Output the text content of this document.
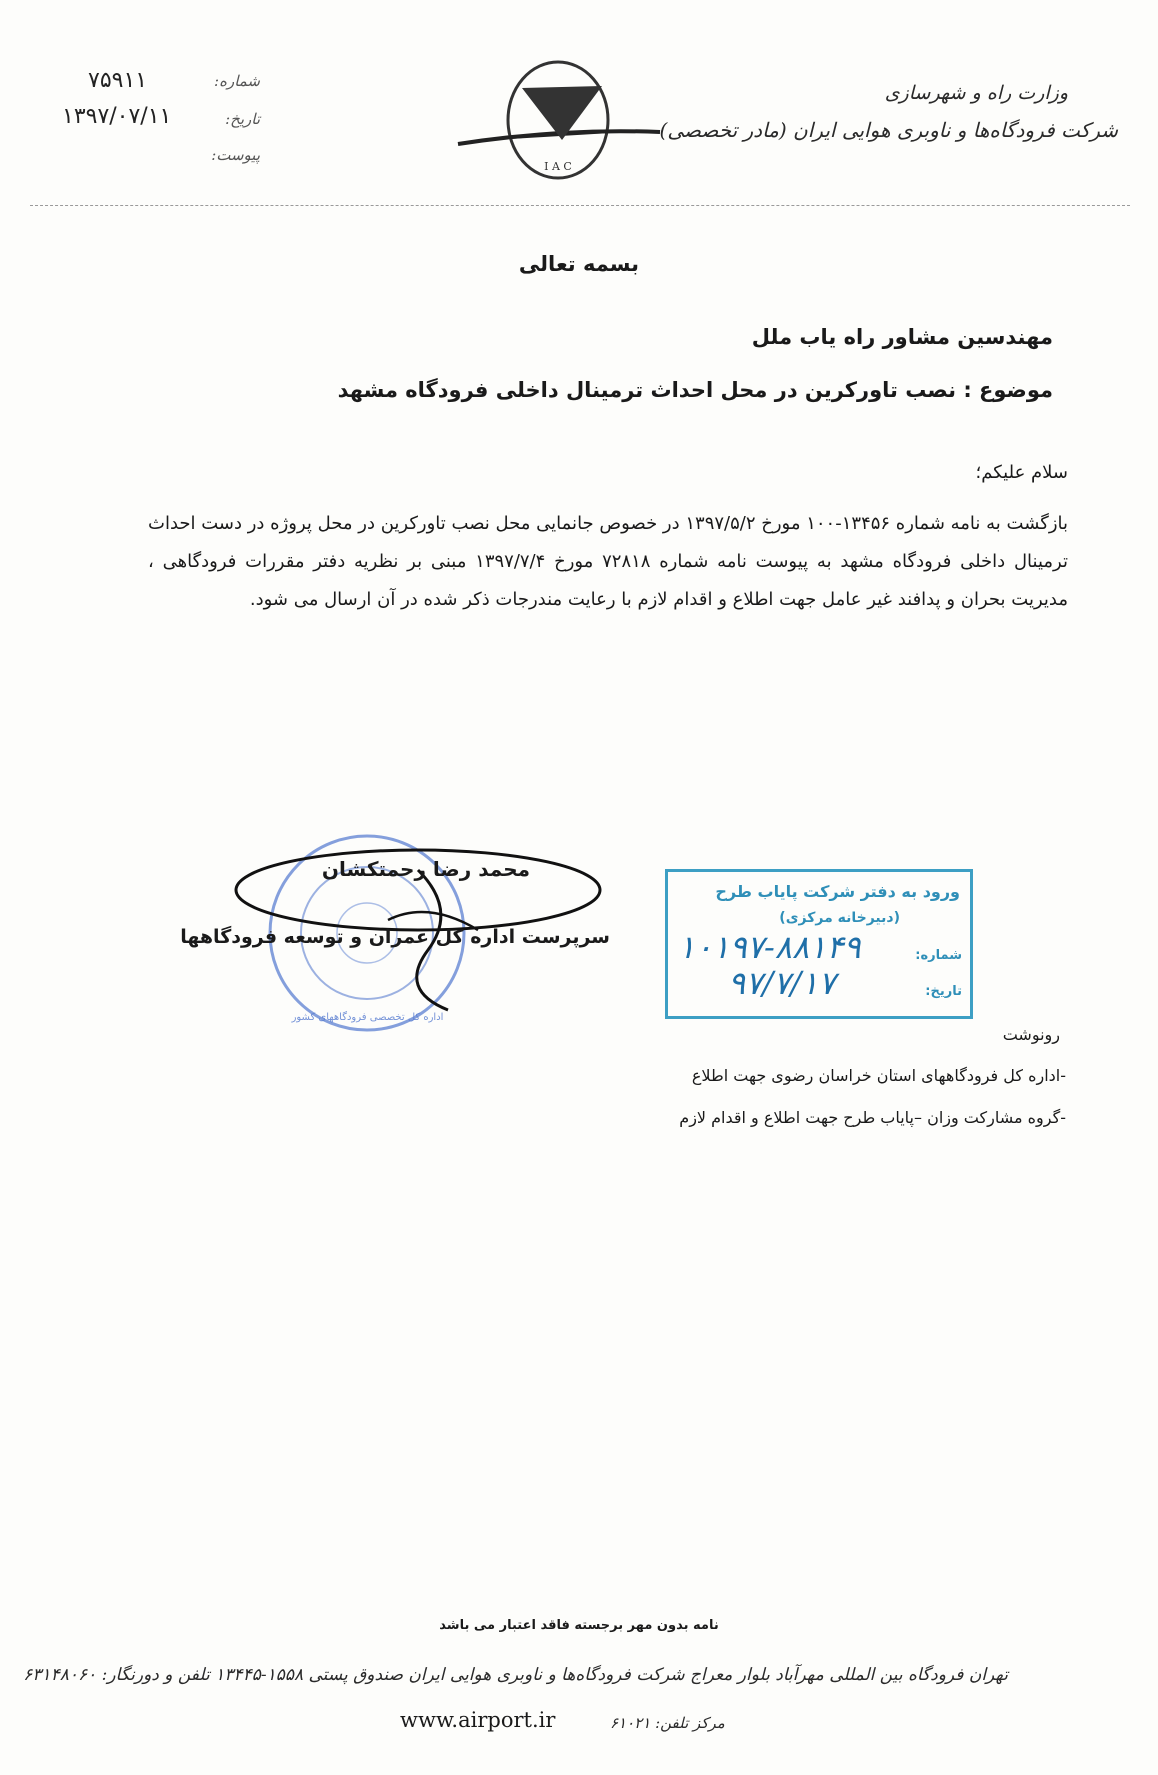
وزارت راه و شهرسازی
شرکت فرودگاه‌ها و ناوبری هوایی ایران (مادر تخصصی)
I A C
شماره:
۷۵۹۱۱
تاریخ:
۱۳۹۷/۰۷/۱۱
پیوست:
بسمه تعالی
مهندسین مشاور راه یاب ملل
موضوع : نصب تاورکرین در محل احداث ترمینال داخلی فرودگاه مشهد
سلام علیکم؛
بازگشت به نامه شماره ۱۳۴۵۶-۱۰۰ مورخ ۱۳۹۷/۵/۲ در خصوص جانمایی محل نصب تاورکرین در محل پروژه در دست احداث ترمینال داخلی فرودگاه مشهد به پیوست نامه شماره ۷۲۸۱۸ مورخ ۱۳۹۷/۷/۴ مبنی بر نظریه دفتر مقررات فرودگاهی ، مدیریت بحران و پدافند غیر عامل جهت اطلاع و اقدام لازم با رعایت مندرجات ذکر شده در آن ارسال می شود.
اداره کل تخصصی فرودگاههای کشور
محمد رضا رحمتکشان
سرپرست اداره کل عمران و توسعه فرودگاهها
ورود به دفتر شرکت پایاب طرح
(دبیرخانه مرکزی)
شماره:
۱۰۱۹۷-۸۸۱۴۹
تاریخ:
۹۷/۷/۱۷
رونوشت
-اداره کل فرودگاههای استان خراسان رضوی جهت اطلاع
-گروه مشارکت وزان –پایاب طرح جهت اطلاع و اقدام لازم
نامه بدون مهر برجسته فاقد اعتبار می باشد
تهران فرودگاه بین المللی مهرآباد بلوار معراج شرکت فرودگاه‌ها و ناوبری هوایی ایران صندوق پستی ۱۵۵۸-۱۳۴۴۵ تلفن و دورنگار: ۶۳۱۴۸۰۶۰
www.airport.ir	مرکز تلفن: ۶۱۰۲۱
